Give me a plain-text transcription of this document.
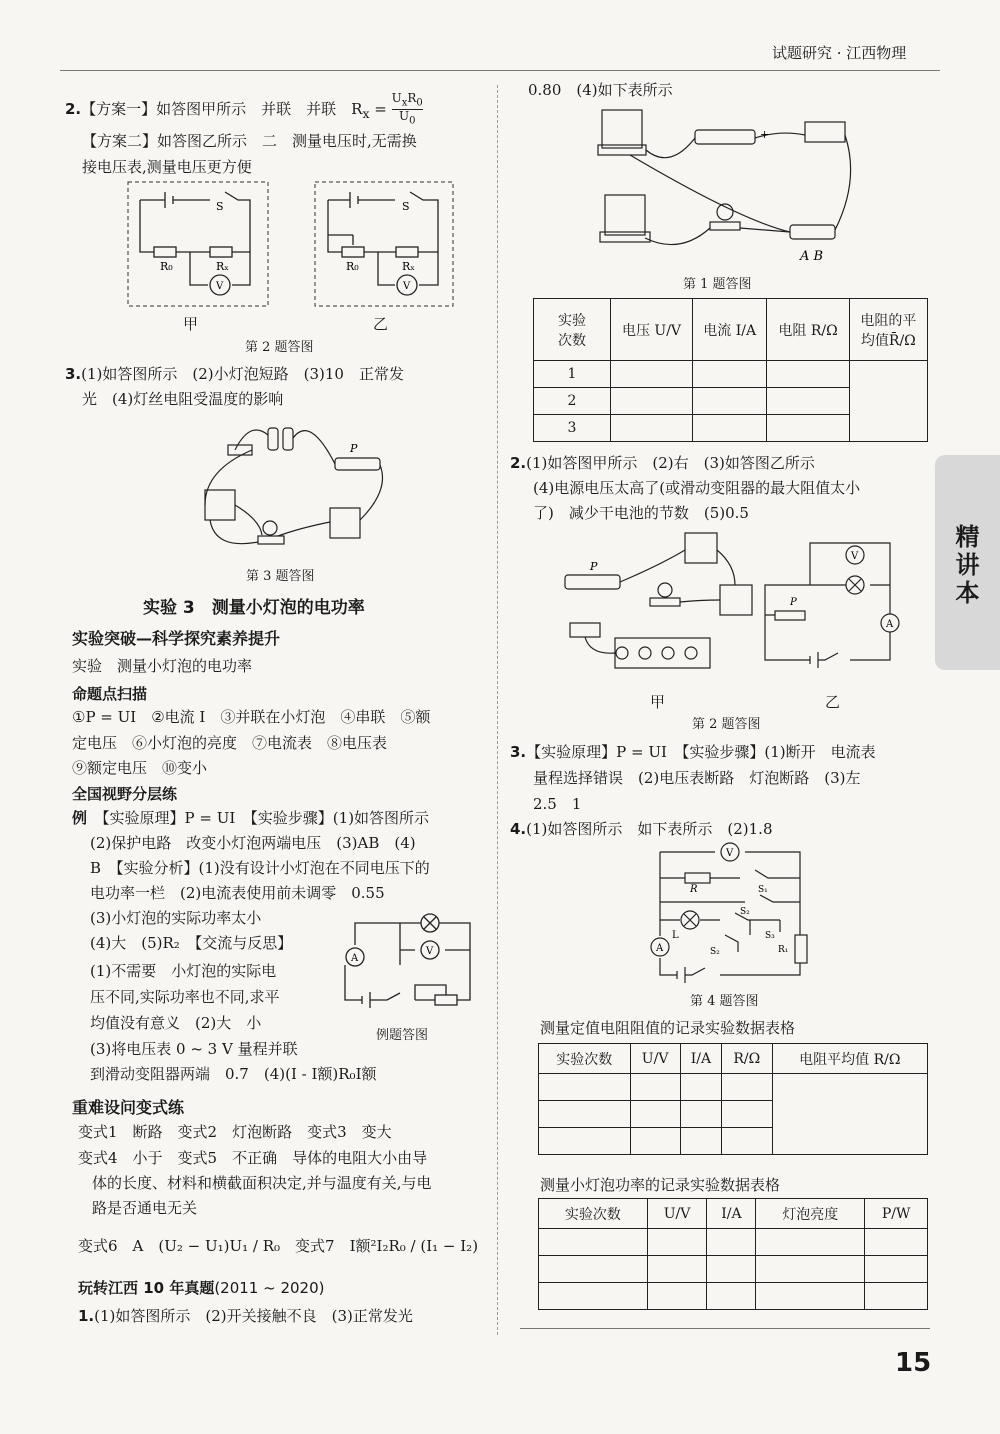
试题研究 · 江西物理
精
讲
本
2.【方案一】如答图甲所示　并联　并联　$R_x$ =
$U_xR_0$
$U_0$
【方案二】如答图乙所示　二　测量电压时,无需换
接电压表,测量电压更方便
S
R₀	Rₓ
V
S
R₀	Rₓ
V
甲	乙
第 2 题答图
3.(1)如答图所示　(2)小灯泡短路　(3)10　正常发
光　(4)灯丝电阻受温度的影响
P
第 3 题答图
实验 3　测量小灯泡的电功率
实验突破—科学探究素养提升
实验　测量小灯泡的电功率
命题点扫描
①P = UI　②电流 I　③并联在小灯泡　④串联　⑤额
定电压　⑥小灯泡的亮度　⑦电流表　⑧电压表
⑨额定电压　⑩变小
全国视野分层练
例　 【实验原理】P = UI　【实验步骤】(1)如答图所示
(2)保护电路　改变小灯泡两端电压　(3)AB　(4)
B　【实验分析】(1)没有设计小灯泡在不同电压下的
电功率一栏　(2)电流表使用前未调零　0.55
(3)小灯泡的实际功率太小
(4)大　(5)R₂　【交流与反思】
(1)不需要　小灯泡的实际电
压不同,实际功率也不同,求平
均值没有意义　(2)大　小
(3)将电压表 0 ~ 3 V 量程并联
到滑动变阻器两端　0.7　(4)(I - I额)R₀I额
V
A
例题答图
重难设问变式练
变式1　断路　变式2　灯泡断路　变式3　变大
变式4　小于　变式5　不正确　导体的电阻大小由导
体的长度、材料和横截面积决定,并与温度有关,与电
路是否通电无关
变式6　A　(U₂ − U₁)U₁ / R₀　变式7　I额²I₂R₀ / (I₁ − I₂)
玩转江西 10 年真题(2011 ~ 2020)
1.(1)如答图所示　(2)开关接触不良　(3)正常发光
0.80　(4)如下表所示
+
A B
第 1 题答图
实验
次数	电压 U/V	电流 I/A	电阻 R/Ω	电阻的平
均值R̄/Ω
1				
2				
3				
2.(1)如答图甲所示　(2)右　(3)如答图乙所示
(4)电源电压太高了(或滑动变阻器的最大阻值太小
了)　减少干电池的节数　(5)0.5
V
A
P
P
甲	乙
第 2 题答图
3.【实验原理】P = UI　【实验步骤】(1)断开　电流表
量程选择错误　(2)电压表断路　灯泡断路　(3)左
2.5　1
4.(1)如答图所示　如下表所示　(2)1.8
V
A
R
L
S₁
S₂
S₃
S₂	R₁
第 4 题答图
测量定值电阻阻值的记录实验数据表格
实验次数	U/V	I/A	R/Ω	电阻平均值 R/Ω

测量小灯泡功率的记录实验数据表格
实验次数	U/V	I/A	灯泡亮度	P/W

15
